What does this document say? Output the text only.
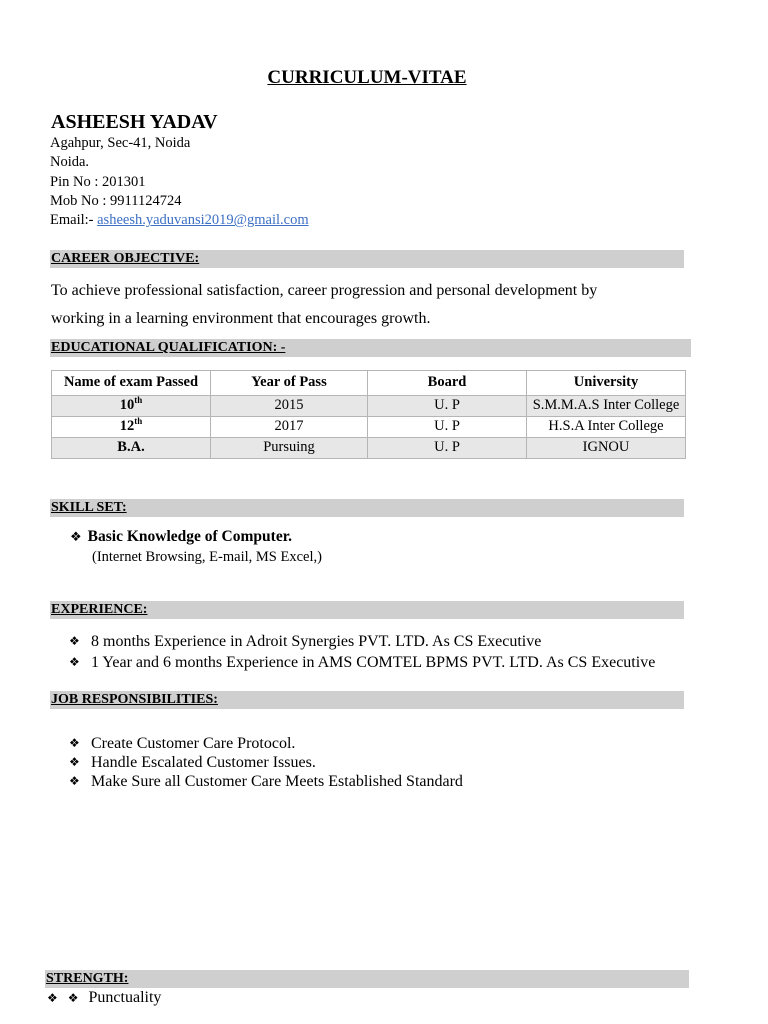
CURRICULUM-VITAE
ASHEESH YADAV
Agahpur, Sec-41, Noida
Noida.
Pin No : 201301
Mob No : 9911124724
Email:- asheesh.yaduvansi2019@gmail.com
CAREER OBJECTIVE:
To achieve professional satisfaction, career progression and personal development by working in a learning environment that encourages growth.
EDUCATIONAL QUALIFICATION: -
Name of exam Passed	Year of Pass	Board	University
10th	2015	U. P	S.M.M.A.S Inter College
12th	2017	U. P	H.S.A Inter College
B.A.	Pursuing	U. P	IGNOU
SKILL SET:
❖ Basic Knowledge of Computer.
(Internet Browsing, E-mail, MS Excel,)
EXPERIENCE:
❖ 8 months Experience in Adroit Synergies PVT. LTD. As CS Executive
❖ 1 Year and 6 months Experience in AMS COMTEL BPMS PVT. LTD. As CS Executive
JOB RESPONSIBILITIES:
❖ Create Customer Care Protocol.
❖ Handle Escalated Customer Issues.
❖ Make Sure all Customer Care Meets Established Standard
STRENGTH:
❖ ❖ Punctuality
